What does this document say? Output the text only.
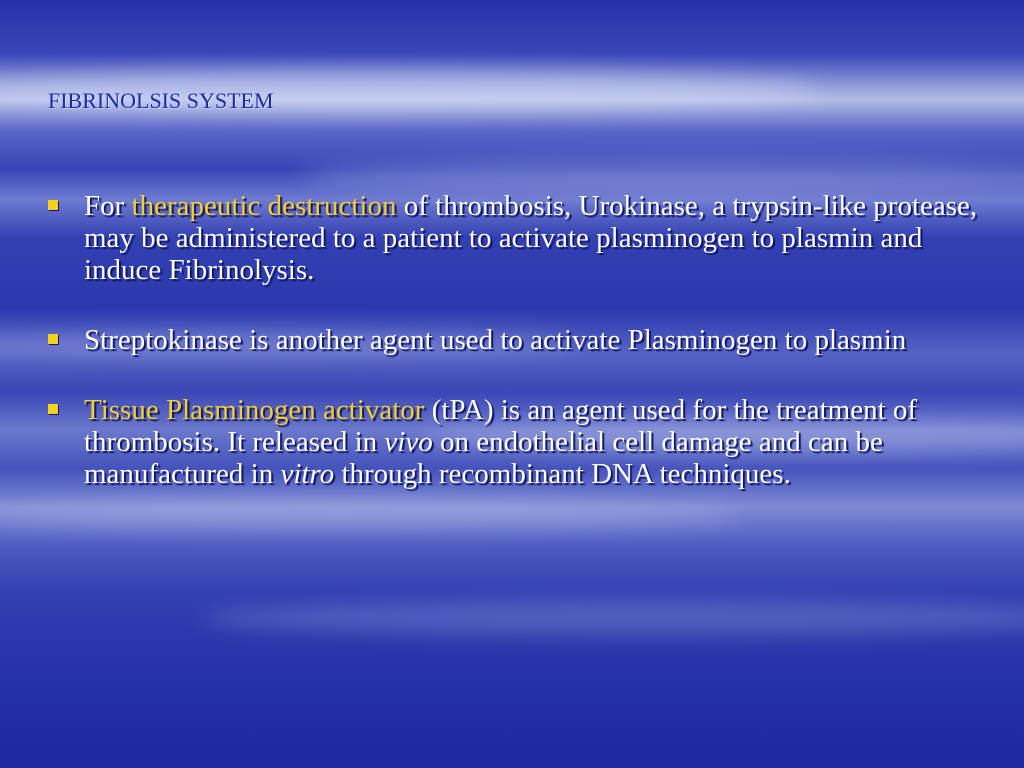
FIBRINOLSIS SYSTEM
For therapeutic destruction of thrombosis, Urokinase, a trypsin-like protease, may be administered to a patient to activate plasminogen to plasmin and induce Fibrinolysis.
Streptokinase is another agent used to activate Plasminogen to plasmin
Tissue Plasminogen activator (tPA) is an agent used for the treatment of thrombosis. It released in vivo on endothelial cell damage and can be manufactured in vitro through recombinant DNA techniques.
